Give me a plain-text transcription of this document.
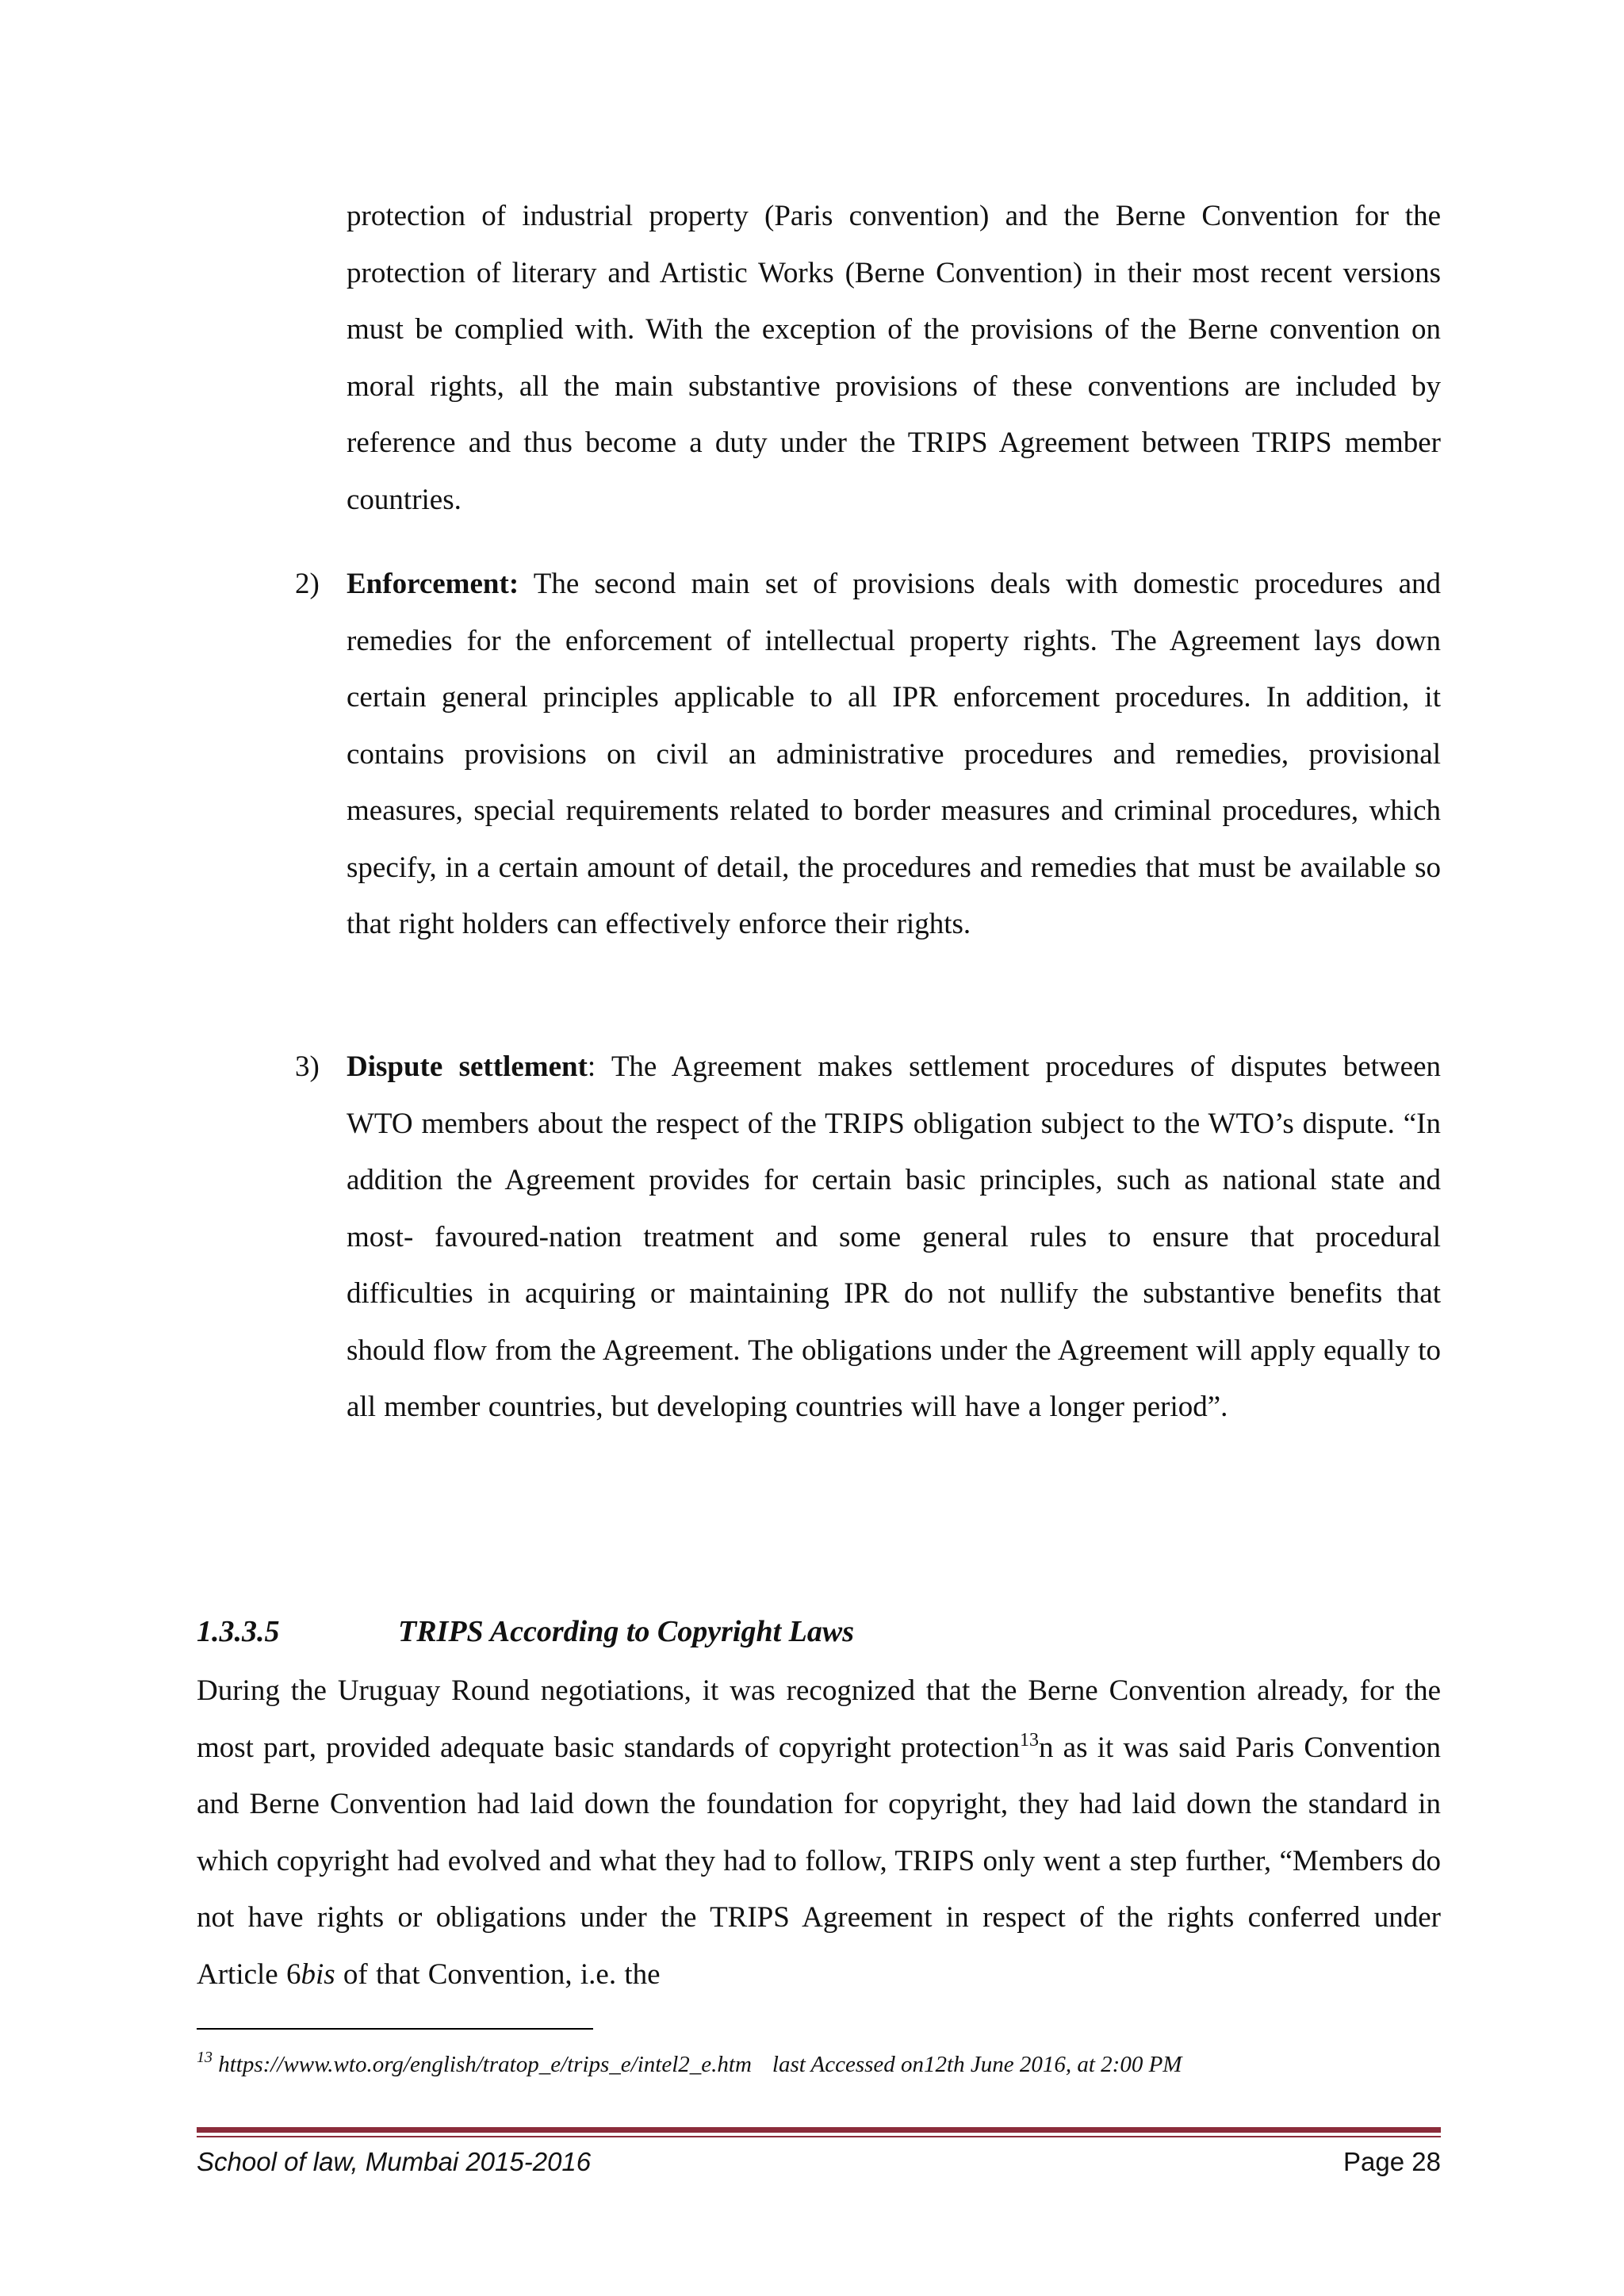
protection of industrial property (Paris convention) and the Berne Convention for the protection of literary and Artistic Works (Berne Convention) in their most recent versions must be complied with. With the exception of the provisions of the Berne convention on moral rights, all the main substantive provisions of these conventions are included by reference and thus become a duty under the TRIPS Agreement between TRIPS member countries.
2) Enforcement: The second main set of provisions deals with domestic procedures and remedies for the enforcement of intellectual property rights. The Agreement lays down certain general principles applicable to all IPR enforcement procedures. In addition, it contains provisions on civil an administrative procedures and remedies, provisional measures, special requirements related to border measures and criminal procedures, which specify, in a certain amount of detail, the procedures and remedies that must be available so that right holders can effectively enforce their rights.
3) Dispute settlement: The Agreement makes settlement procedures of disputes between WTO members about the respect of the TRIPS obligation subject to the WTO’s dispute. “In addition the Agreement provides for certain basic principles, such as national state and most- favoured-nation treatment and some general rules to ensure that procedural difficulties in acquiring or maintaining IPR do not nullify the substantive benefits that should flow from the Agreement. The obligations under the Agreement will apply equally to all member countries, but developing countries will have a longer period”.
1.3.3.5	TRIPS According to Copyright Laws
During the Uruguay Round negotiations, it was recognized that the Berne Convention already, for the most part, provided adequate basic standards of copyright protection$^{13}$n as it was said Paris Convention and Berne Convention had laid down the foundation for copyright, they had laid down the standard in which copyright had evolved and what they had to follow, TRIPS only went a step further, “Members do not have rights or obligations under the TRIPS Agreement in respect of the rights conferred under Article 6bis of that Convention, i.e. the
$^{13}$ https://www.wto.org/english/tratop_e/trips_e/intel2_e.htm last Accessed on12th June 2016, at 2:00 PM
School of law, Mumbai 2015-2016	Page 28
